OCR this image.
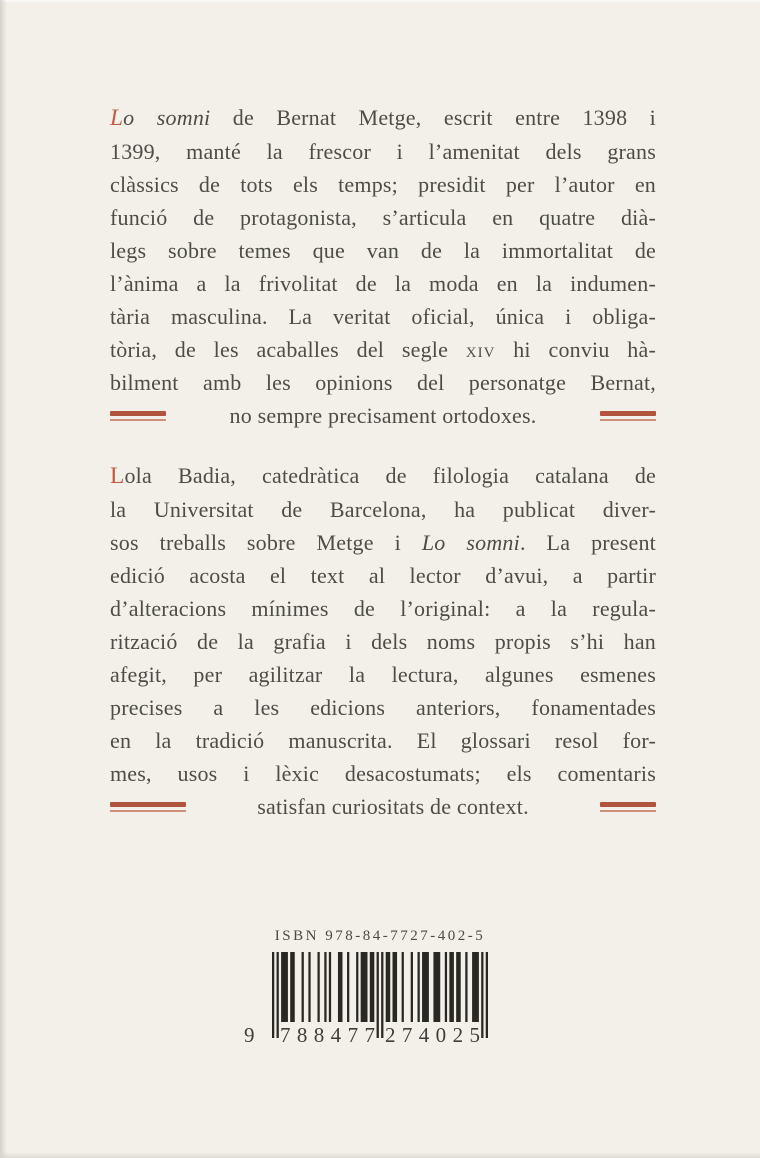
Lo somni de Bernat Metge, escrit entre 1398 i
1399, manté la frescor i l’amenitat dels grans
clàssics de tots els temps; presidit per l’autor en
funció de protagonista, s’articula en quatre dià-
legs sobre temes que van de la immortalitat de
l’ànima a la frivolitat de la moda en la indumen-
tària masculina. La veritat oficial, única i obliga-
tòria, de les acaballes del segle xiv hi conviu hà-
bilment amb les opinions del personatge Bernat,
no sempre precisament ortodoxes.
Lola Badia, catedràtica de filologia catalana de
la Universitat de Barcelona, ha publicat diver-
sos treballs sobre Metge i Lo somni. La present
edició acosta el text al lector d’avui, a partir
d’alteracions mínimes de l’original: a la regula-
rització de la grafia i dels noms propis s’hi han
afegit, per agilitzar la lectura, algunes esmenes
precises a les edicions anteriors, fonamentades
en la tradició manuscrita. El glossari resol for-
mes, usos i lèxic desacostumats; els comentaris
satisfan curiositats de context.
ISBN 978-84-7727-402-5
9 7 8 8 4 7 7 2 7 4 0 2 5
